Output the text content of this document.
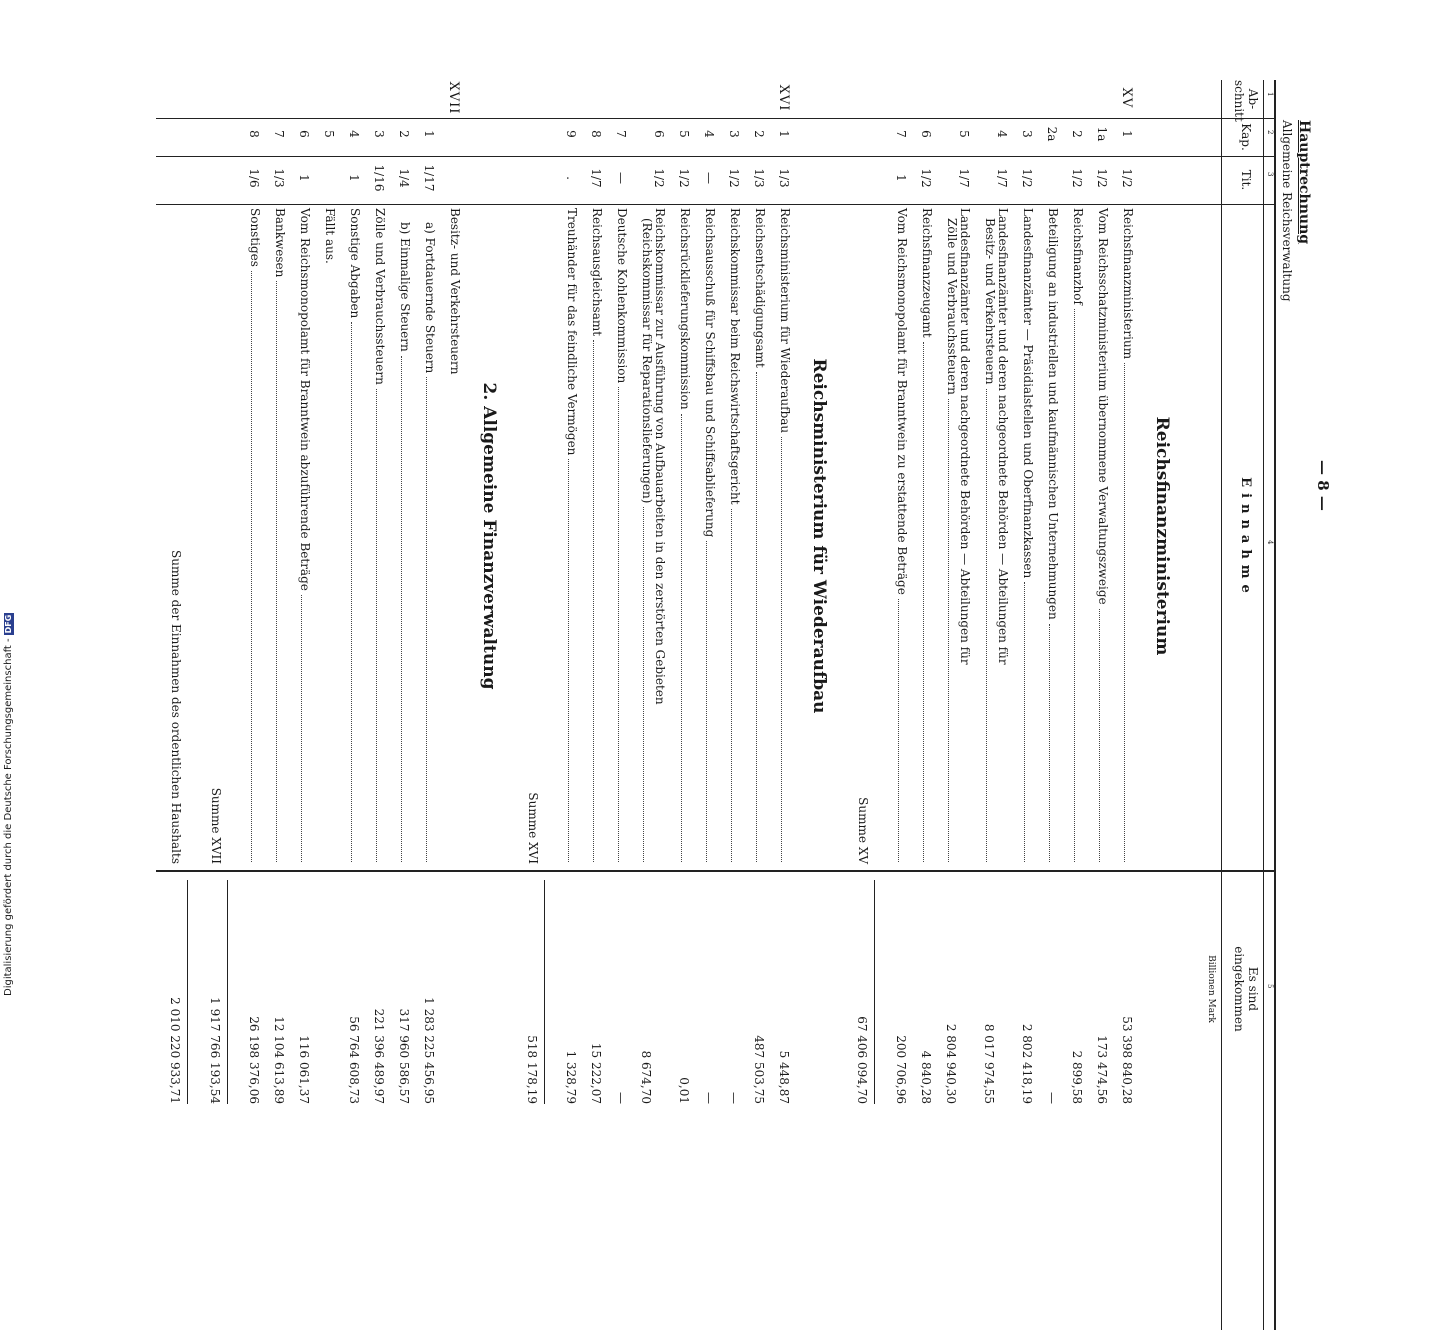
Digitalisierung gefördert durch die Deutsche Forschungsgemeinschaft -
DFG
— 8 —
Hauptrechnung
Allgemeine Reichsverwaltung
1
2
3
4
5
Ab-
schnitt
Kap.
Tit.
Einnahme
Es sind
eingekommen
Billionen Mark
Reichsfinanzministerium
XV
1
1/2
Reichsfinanzministerium
53 398 840,28
1a
1/2
Vom Reichsschatzministerium übernommene Verwaltungszweige
173 474,56
2
1/2
Reichsfinanzhof
2 899,58
2a
Beteiligung an industriellen und kaufmännischen Unternehmungen
—
3
1/2
Landesfinanzämter — Präsidialstellen und Oberfinanzkassen
2 802 418,19
4
1/7
Landesfinanzämter und deren nachgeordnete Behörden — Abteilungen für
Besitz- und Verkehrsteuern
8 017 974,55
5
1/7
Landesfinanzämter und deren nachgeordnete Behörden — Abteilungen für
Zölle und Verbrauchssteuern
2 804 940,30
6
1/2
Reichsfinanzzeugamt
4 840,28
7
1
Vom Reichsmonopolamt für Branntwein zu erstattende Beträge
200 706,96
Summe XV
67 406 094,70
Reichsministerium für Wiederaufbau
XVI
1
1/3
Reichsministerium für Wiederaufbau
5 448,87
2
1/3
Reichsentschädigungsamt
487 503,75
3
1/2
Reichskommissar beim Reichswirtschaftsgericht
—
4
—
Reichsausschuß für Schiffsbau und Schiffsablieferung
—
5
1/2
Reichsrücklieferungskommission
0,01
6
1/2
Reichskommissar zur Ausführung von Aufbauarbeiten in den zerstörten Gebieten
(Reichskommissar für Reparationslieferungen)
8 674,70
7
—
Deutsche Kohlenkommission
—
8
1/7
Reichsausgleichsamt
15 222,07
9
.
Treuhänder für das feindliche Vermögen
1 328,79
Summe XVI
518 178,19
2. Allgemeine Finanzverwaltung
XVII
Besitz- und Verkehrsteuern
1
1/17
a) Fortdauernde Steuern
1 283 225 456,95
2
1/4
b) Einmalige Steuern
317 960 586,57
3
1/16
Zölle und Verbrauchssteuern
221 396 489,97
4
1
Sonstige Abgaben
56 764 608,73
5
Fällt aus.
6
1
Vom Reichsmonopolamt für Branntwein abzuführende Beträge
116 061,37
7
1/3
Bankwesen
12 104 613,89
8
1/6
Sonstiges
26 198 376,06
Summe XVII
1 917 766 193,54
Summe der Einnahmen des ordentlichen Haushalts
2 010 220 933,71
